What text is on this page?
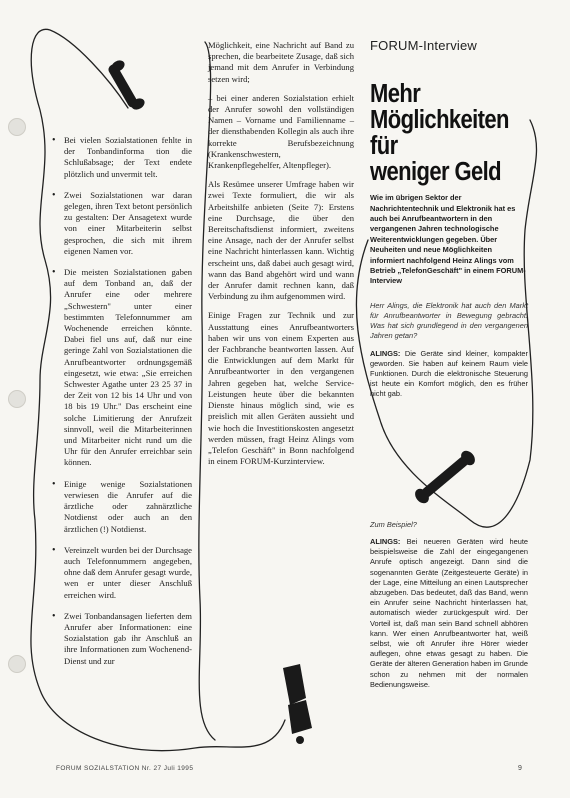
• Bei vielen Sozialstationen fehlte in der Tonbandinforma tion die Schlußabsage; der Text endete plötzlich und unvermit telt.
• Zwei Sozialstationen war daran gelegen, ihren Text betont persönlich zu gestalten: Der Ansagetext wurde von einer Mitarbeiterin selbst gesprochen, die sich mit ihrem eigenen Namen vor.
• Die meisten Sozialstationen gaben auf dem Tonband an, daß der Anrufer eine oder mehrere „Schwestern" unter einer bestimmten Telefonnummer am Wochenende erreichen könnte. Dabei fiel uns auf, daß nur eine geringe Zahl von Sozialstationen die Anrufbeantworter ordnungsgemäß eingesetzt, wie etwa: „Sie erreichen Schwester Agathe unter 23 25 37 in der Zeit von 12 bis 14 Uhr und von 18 bis 19 Uhr." Das erscheint eine solche Limitierung der Anrufzeit sinnvoll, weil die Mitarbeiterinnen und Mitarbeiter nicht rund um die Uhr für den Anrufer erreichbar sein können.
• Einige wenige Sozialstationen verwiesen die Anrufer auf die ärztliche oder zahnärztliche Notdienst oder auch an den ärztlichen (!) Notdienst.
• Vereinzelt wurden bei der Durchsage auch Telefonnummern angegeben, ohne daß dem Anrufer gesagt wurde, wen er unter dieser Anschluß erreichen wird.
• Zwei Tonbandansagen lieferten dem Anrufer aber Informationen: eine Sozialstation gab ihr Anschluß an ihre Informationen zum Wochenend-Dienst und zur

Möglichkeit, eine Nachricht auf Band zu sprechen, die bearbeitete Zusage, daß sich jemand mit dem Anrufer in Verbindung setzen wird;

– bei einer anderen Sozialstation erhielt der Anrufer sowohl den vollständigen Namen – Vorname und Familienname – der diensthabenden Kollegin als auch ihre korrekte Berufsbezeichnung (Krankenschwestern, Krankenpflegehelfer, Altenpfleger).

Als Resümee unserer Umfrage haben wir zwei Texte formuliert, die wir als Arbeitshilfe anbieten (Seite 7): Erstens eine Durchsage, die über den Bereitschaftsdienst informiert, zweitens eine Ansage, nach der der Anrufer selbst eine Nachricht hinterlassen kann. Wichtig erscheint uns, daß dabei auch gesagt wird, wann das Band abgehört wird und wann der Anrufer damit rechnen kann, daß Verbindung zu ihm aufgenommen wird.

Einige Fragen zur Technik und zur Ausstattung eines Anrufbeantworters haben wir uns von einem Experten aus der Fachbranche beantworten lassen. Auf die Entwicklungen auf dem Markt für Anrufbeantworter in den vergangenen Jahren gegeben hat, welche Service-Leistungen heute über die bekannten Dienste hinaus möglich sind, wie es preislich mit allen Geräten aussieht und wie hoch die Investitionskosten angesetzt werden müssen, fragt Heinz Alings vom „Telefon Geschäft" in Bonn nachfolgend in einem FORUM-Kurzinterview.

FORUM-Interview
Mehr
Möglichkeiten
für
weniger Geld

Wie im übrigen Sektor der Nachrichtentechnik und Elektronik hat es auch bei Anrufbeantwortern in den vergangenen Jahren technologische Weiterentwicklungen gegeben. Über Neuheiten und neue Möglichkeiten informiert nachfolgend Heinz Alings vom Betrieb „TelefonGeschäft" in einem FORUM-Interview

Herr Alings, die Elektronik hat auch den Markt für Anrufbeantworter in Bewegung gebracht. Was hat sich grundlegend in den vergangenen Jahren getan?

ALINGS: Die Geräte sind kleiner, kompakter geworden. Sie haben auf keinem Raum viele Funktionen. Durch die elektronische Steuerung ist heute ein Komfort möglich, den es früher nicht gab.

Zum Beispiel?

ALINGS: Bei neueren Geräten wird heute beispielsweise die Zahl der eingegangenen Anrufe optisch angezeigt. Dann sind die sogenannten Geräte (Zeitgesteuerte Geräte) in der Lage, eine Mitteilung an einen Lautsprecher abzugeben. Das bedeutet, daß das Band, wenn ein Anrufer seine Nachricht hinterlassen hat, automatisch wieder zurückgespult wird. Der Vorteil ist, daß man sein Band schnell abhören kann. Wer einen Anrufbeantworter hat, weiß selbst, wie oft Anrufer ihre Hörer wieder auflegen, ohne etwas gesagt zu haben. Die Geräte der älteren Generation haben im Grunde schon zu nehmen mit der normalen Bedienungsweise.

FORUM SOZIALSTATION Nr. 27 Juli 1995	9
